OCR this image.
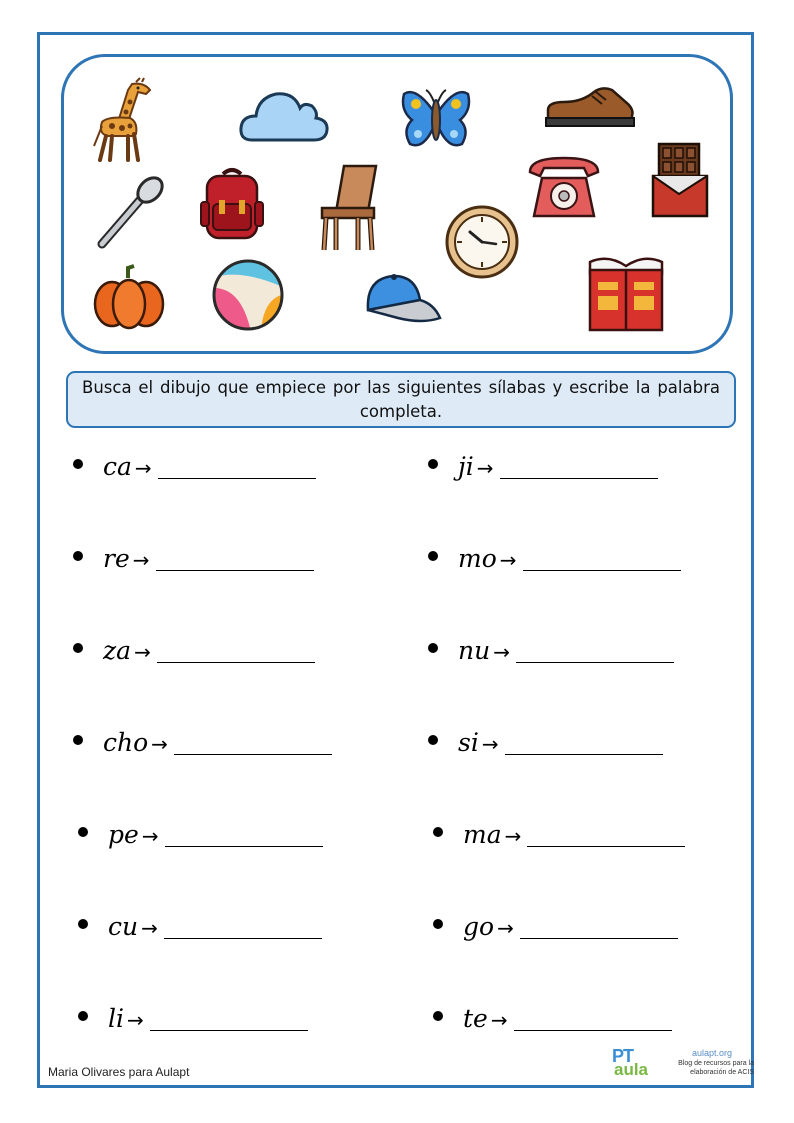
Busca el dibujo que empiece por las siguientes sílabas y escribe la palabra completa.
ca →
re →
za →
cho →
pe →
cu →
li →
ji →
mo →
nu →
si →
ma →
go →
te →
Maria Olivares para Aulapt
PT
aula
aulapt.org
Blog de recursos para la elaboración de ACIS
